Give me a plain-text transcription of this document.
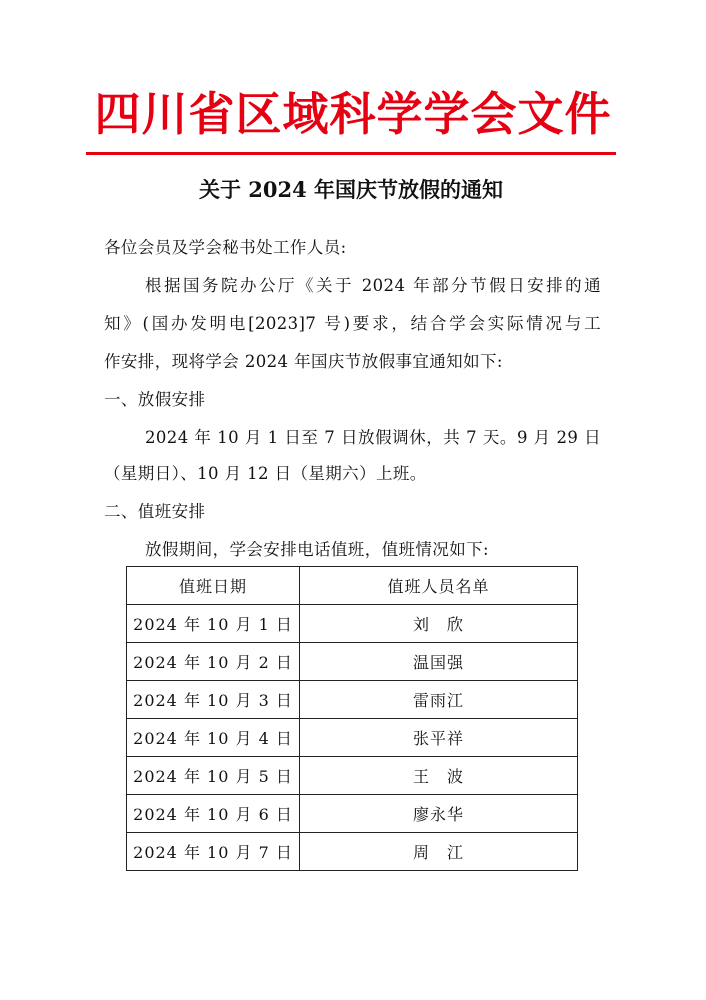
四川省区域科学学会文件
关于 2024 年国庆节放假的通知
各位会员及学会秘书处工作人员:
根据国务院办公厅《关于 2024 年部分节假日安排的通
知》(国办发明电[2023]7 号)要求，结合学会实际情况与工
作安排，现将学会 2024 年国庆节放假事宜通知如下:
一、放假安排
2024 年 10 月 1 日至 7 日放假调休，共 7 天。9 月 29 日
（星期日）、10 月 12 日（星期六）上班。
二、值班安排
放假期间，学会安排电话值班，值班情况如下:
值班日期	值班人员名单
2024 年 10 月 1 日	刘　欣
2024 年 10 月 2 日	温国强
2024 年 10 月 3 日	雷雨江
2024 年 10 月 4 日	张平祥
2024 年 10 月 5 日	王　波
2024 年 10 月 6 日	廖永华
2024 年 10 月 7 日	周　江
